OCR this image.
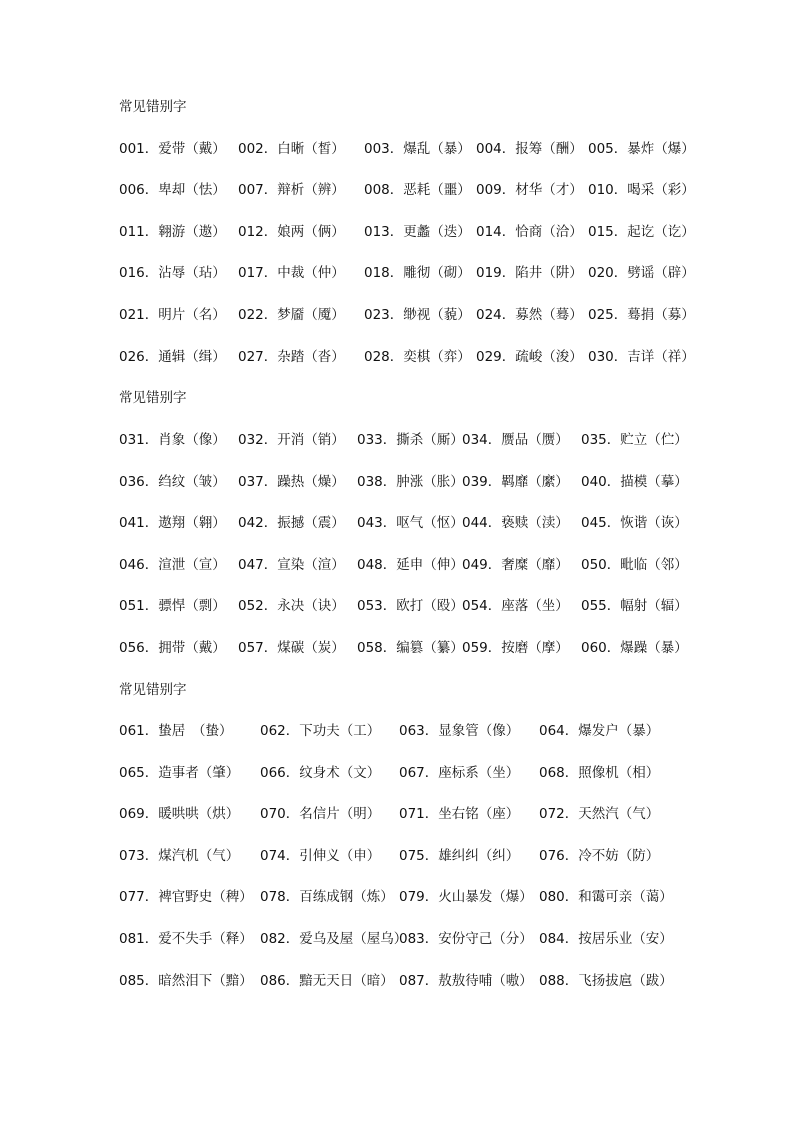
常见错别字
001．爱带（戴） 002．白晰（皙） 003．爆乱（暴） 004．报筹（酬） 005．暴炸（爆）
006．卑却（怯） 007．辩析（辨） 008．恶耗（噩） 009．材华（才） 010．喝采（彩）
011．翱游（遨） 012．娘两（俩） 013．更蠡（迭） 014．恰商（洽） 015．起讫（讫）
016．沾辱（玷） 017．中裁（仲） 018．雕彻（砌） 019．陷井（阱） 020．劈谣（辟）
021．明片（名） 022．梦靥（魇） 023．缈视（藐） 024．募然（蓦） 025．蓦捐（募）
026．通辑（缉） 027．杂踏（沓） 028．奕棋（弈） 029．疏峻（浚） 030．吉详（祥）
常见错别字
031．肖象（像） 032．开消（销） 033．撕杀（厮）
034．赝品（赝） 035．贮立（伫）
036．绉纹（皱） 037．躁热（燥） 038．肿涨（胀）
039．羁靡（縻） 040．描模（摹）
041．遨翔（翱） 042．振撼（震） 043．呕气（怄）
044．亵赎（渎） 045．恢谐（诙）
046．渲泄（宣） 047．宣染（渲） 048．延申（伸）
049．奢糜（靡） 050．毗临（邻）
051．骠悍（剽） 052．永决（诀） 053．欧打（殴）
054．座落（坐） 055．幅射（辐）
056．拥带（戴） 057．煤碳（炭） 058．编篡（纂）
059．按磨（摩） 060．爆躁（暴）
常见错别字
061．蛰居　（蛰） 062．下功夫（工） 063．显象管（像） 064．爆发户（暴）
065．造事者（肇） 066．纹身术（文） 067．座标系（坐） 068．照像机（相）
069．暖哄哄（烘） 070．名信片（明） 071．坐右铭（座） 072．天然汽（气）
073．煤汽机（气） 074．引伸义（申） 075．雄纠纠（纠） 076．冷不妨（防）
077．裨官野史（稗） 078．百练成钢（炼） 079．火山暴发（爆） 080．和霭可亲（蔼）
081．爱不失手（释） 082．爱乌及屋（屋乌）
083．安份守己（分） 084．按居乐业（安）
085．暗然泪下（黯） 086．黯无天日（暗） 087．敖敖待哺（嗷） 088．飞扬拔扈（跋）
